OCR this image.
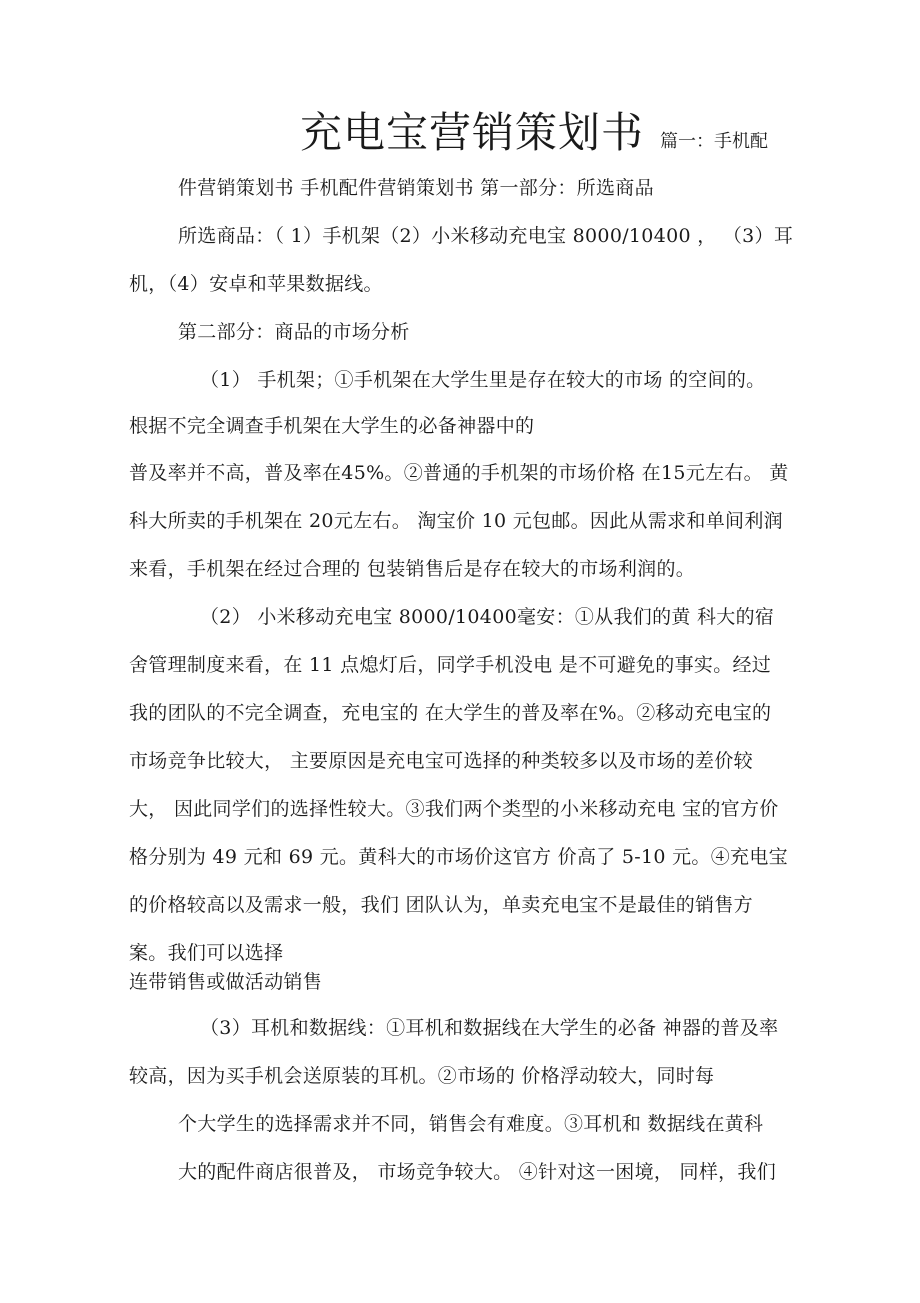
充电宝营销策划书 篇一：手机配
件营销策划书 手机配件营销策划书 第一部分：所选商品
所选商品：（ 1）手机架（2）小米移动充电宝 8000/10400 ， （3）耳
机，（4）安卓和苹果数据线。
第二部分：商品的市场分析
（1） 手机架；①手机架在大学生里是存在较大的市场 的空间的。
根据不完全调查手机架在大学生的必备神器中的
普及率并不高，普及率在45%。②普通的手机架的市场价格 在15元左右。 黄
科大所卖的手机架在 20元左右。 淘宝价 10 元包邮。因此从需求和单间利润
来看，手机架在经过合理的 包装销售后是存在较大的市场利润的。
（2） 小米移动充电宝 8000/10400毫安：①从我们的黄 科大的宿
舍管理制度来看，在 11 点熄灯后，同学手机没电 是不可避免的事实。经过
我的团队的不完全调查，充电宝的 在大学生的普及率在%。②移动充电宝的
市场竞争比较大， 主要原因是充电宝可选择的种类较多以及市场的差价较
大， 因此同学们的选择性较大。③我们两个类型的小米移动充电 宝的官方价
格分别为 49 元和 69 元。黄科大的市场价这官方 价高了 5-10 元。④充电宝
的价格较高以及需求一般，我们 团队认为，单卖充电宝不是最佳的销售方
案。我们可以选择
连带销售或做活动销售
（3）耳机和数据线：①耳机和数据线在大学生的必备 神器的普及率
较高，因为买手机会送原装的耳机。②市场的 价格浮动较大，同时每
个大学生的选择需求并不同，销售会有难度。③耳机和 数据线在黄科
大的配件商店很普及， 市场竞争较大。 ④针对这一困境， 同样，我们
